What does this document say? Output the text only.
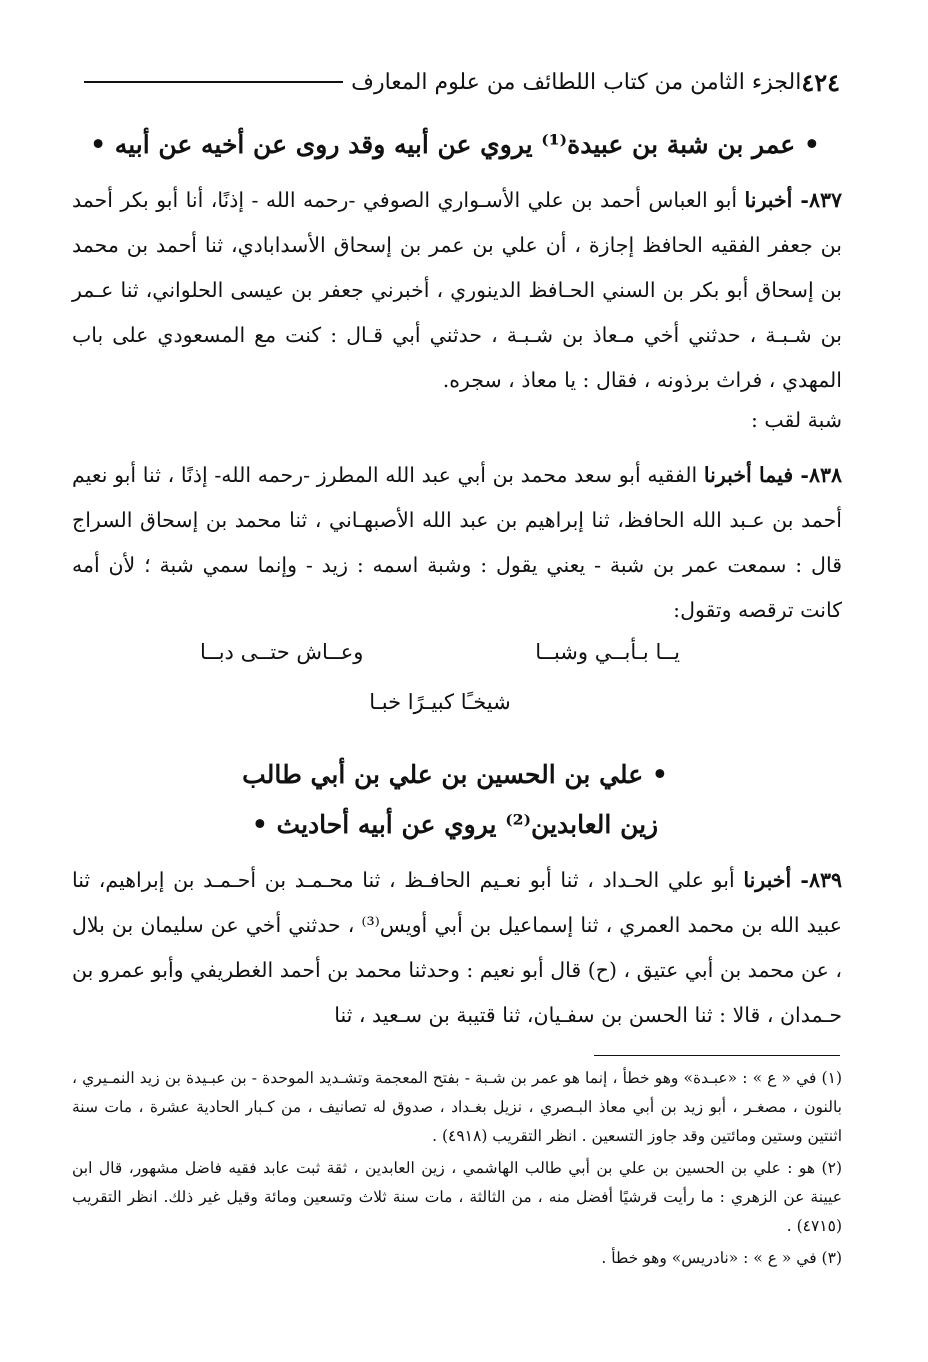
٤٢٤
الجزء الثامن من كتاب اللطائف من علوم المعارف
• عمر بن شبة بن عبيدة⁽¹⁾ يروي عن أبيه وقد روى عن أخيه عن أبيه •
٨٣٧- أخبرنا أبو العباس أحمد بن علي الأسـواري الصوفي -رحمه الله - إذنًا، أنا أبو بكر أحمد بن جعفر الفقيه الحافظ إجازة ، أن علي بن عمر بن إسحاق الأسدابادي، ثنا أحمد بن محمد بن إسحاق أبو بكر بن السني الحـافظ الدينوري ، أخبرني جعفر بن عيسى الحلواني، ثنا عـمر بن شـبـة ، حدثني أخي مـعاذ بن شـبـة ، حدثني أبي قـال : كنت مع المسعودي على باب المهدي ، فراث برذونه ، فقال : يا معاذ ، سجره.
شبة لقب :
٨٣٨- فيما أخبرنا الفقيه أبو سعد محمد بن أبي عبد الله المطرز -رحمه الله- إذنًا ، ثنا أبو نعيم أحمد بن عـبد الله الحافظ، ثنا إبراهيم بن عبد الله الأصبهـاني ، ثنا محمد بن إسحاق السراج قال : سمعت عمر بن شبة - يعني يقول : وشبة اسمه : زيد - وإنما سمي شبة ؛ لأن أمه كانت ترقصه وتقول:
يــا بـأبــي وشبــا
وعــاش حتــى دبــا
شيخـًا كبيـرًا خبـا
• علي بن الحسين بن علي بن أبي طالب
زين العابدين⁽²⁾ يروي عن أبيه أحاديث •
٨٣٩- أخبرنا أبو علي الحـداد ، ثنا أبو نعـيم الحافـظ ، ثنا محـمـد بن أحـمـد بن إبراهيم، ثنا عبيد الله بن محمد العمري ، ثنا إسماعيل بن أبي أويس⁽³⁾ ، حدثني أخي عن سليمان بن بلال ، عن محمد بن أبي عتيق ، (ح) قال أبو نعيم : وحدثنا محمد بن أحمد الغطريفي وأبو عمرو بن حـمدان ، قالا : ثنا الحسن بن سفـيان، ثنا قتيبة بن سـعيد ، ثنا
(١) في « ع » : «عبـدة» وهو خطأ ، إنما هو عمر بن شـبة - بفتح المعجمة وتشـديد الموحدة - بن عبـيدة بن زيد النمـيري ، بالنون ، مصغـر ، أبو زيد بن أبي معاذ البـصري ، نزيل بغـداد ، صدوق له تصانيف ، من كـبار الحادية عشرة ، مات سنة اثنتين وستين ومائتين وقد جاوز التسعين . انظر التقريب (٤٩١٨) .
(٢) هو : علي بن الحسين بن علي بن أبي طالب الهاشمي ، زين العابدين ، ثقة ثبت عابد فقيه فاضل مشهور، قال ابن عيينة عن الزهري : ما رأيت قرشيًا أفضل منه ، من الثالثة ، مات سنة ثلاث وتسعين ومائة وقيل غير ذلك. انظر التقريب (٤٧١٥) .
(٣) في « ع » : «نادريس» وهو خطأ .
